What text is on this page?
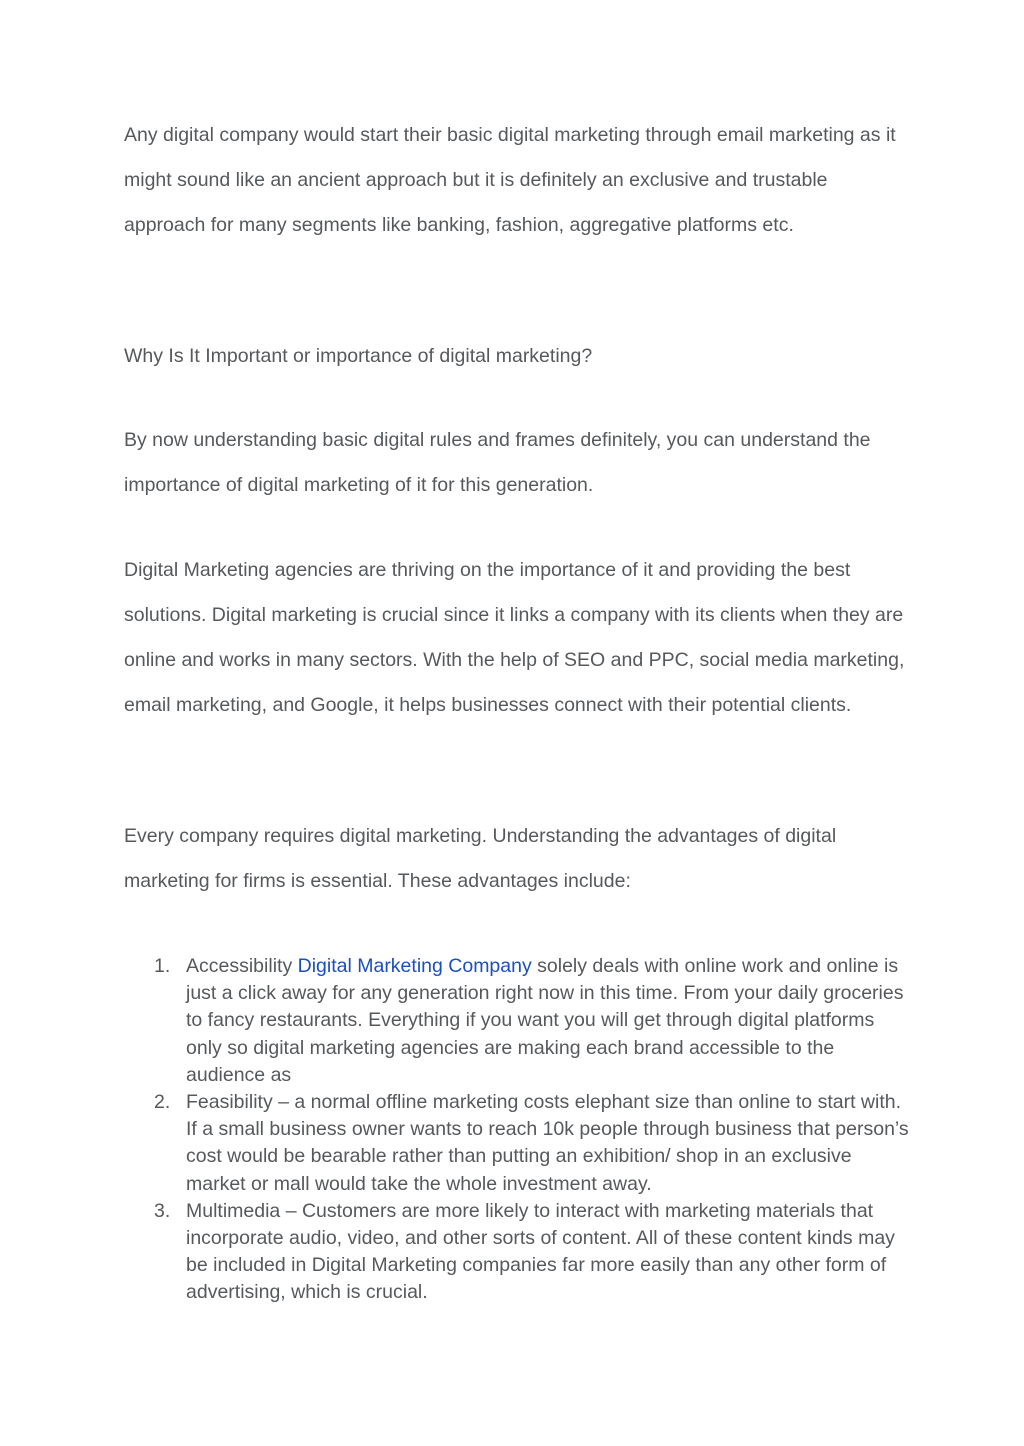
Any digital company would start their basic digital marketing through email marketing as it might sound like an ancient approach but it is definitely an exclusive and trustable approach for many segments like banking, fashion, aggregative platforms etc.

Why Is It Important or importance of digital marketing?

By now understanding basic digital rules and frames definitely, you can understand the importance of digital marketing of it for this generation.

Digital Marketing agencies are thriving on the importance of it and providing the best solutions. Digital marketing is crucial since it links a company with its clients when they are online and works in many sectors. With the help of SEO and PPC, social media marketing, email marketing, and Google, it helps businesses connect with their potential clients.

Every company requires digital marketing. Understanding the advantages of digital marketing for firms is essential. These advantages include:

1. Accessibility Digital Marketing Company solely deals with online work and online is just a click away for any generation right now in this time. From your daily groceries to fancy restaurants. Everything if you want you will get through digital platforms only so digital marketing agencies are making each brand accessible to the audience as
2. Feasibility – a normal offline marketing costs elephant size than online to start with. If a small business owner wants to reach 10k people through business that person’s cost would be bearable rather than putting an exhibition/ shop in an exclusive market or mall would take the whole investment away.
3. Multimedia – Customers are more likely to interact with marketing materials that incorporate audio, video, and other sorts of content. All of these content kinds may be included in Digital Marketing companies far more easily than any other form of advertising, which is crucial.
